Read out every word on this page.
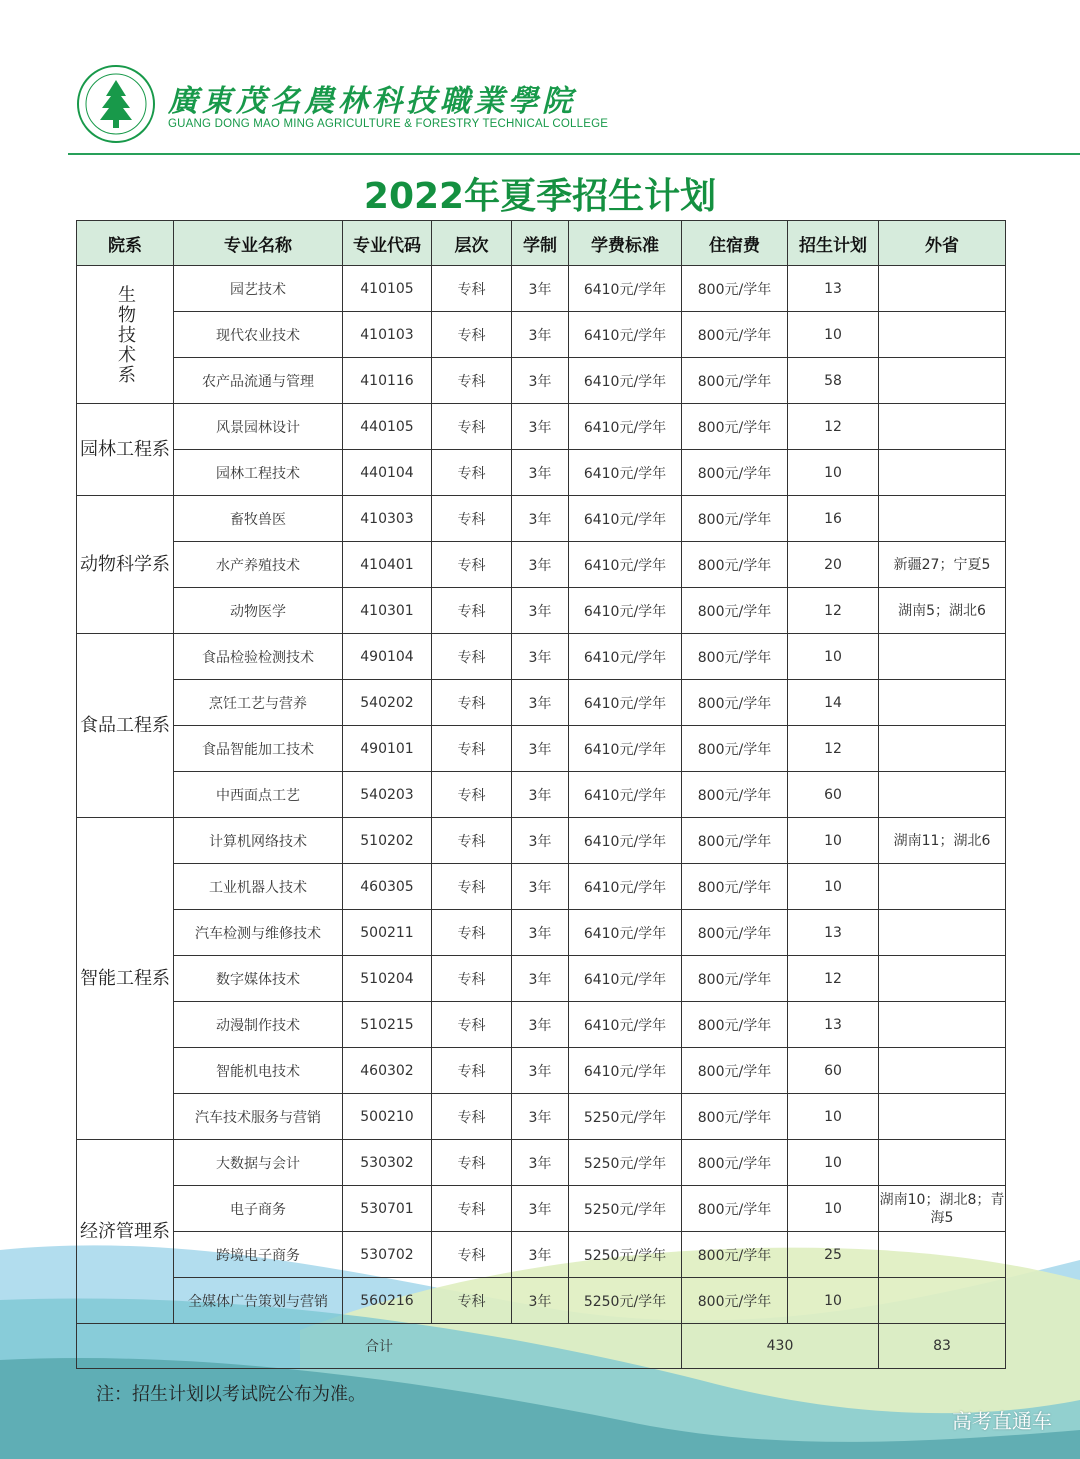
廣東茂名農林科技職業學院
GUANG DONG MAO MING AGRICULTURE & FORESTRY TECHNICAL COLLEGE
2022年夏季招生计划
院系	专业名称	专业代码	层次	学制	学费标准	住宿费	招生计划	外省
生物技术系	园艺技术	410105	专科	3年	6410元/学年	800元/学年	13	
	现代农业技术	410103	专科	3年	6410元/学年	800元/学年	10	
	农产品流通与管理	410116	专科	3年	6410元/学年	800元/学年	58	
园林工程系	风景园林设计	440105	专科	3年	6410元/学年	800元/学年	12	
	园林工程技术	440104	专科	3年	6410元/学年	800元/学年	10	
动物科学系	畜牧兽医	410303	专科	3年	6410元/学年	800元/学年	16	
	水产养殖技术	410401	专科	3年	6410元/学年	800元/学年	20	新疆27；宁夏5
	动物医学	410301	专科	3年	6410元/学年	800元/学年	12	湖南5；湖北6
食品工程系	食品检验检测技术	490104	专科	3年	6410元/学年	800元/学年	10	
	烹饪工艺与营养	540202	专科	3年	6410元/学年	800元/学年	14	
	食品智能加工技术	490101	专科	3年	6410元/学年	800元/学年	12	
	中西面点工艺	540203	专科	3年	6410元/学年	800元/学年	60	
智能工程系	计算机网络技术	510202	专科	3年	6410元/学年	800元/学年	10	湖南11；湖北6
	工业机器人技术	460305	专科	3年	6410元/学年	800元/学年	10	
	汽车检测与维修技术	500211	专科	3年	6410元/学年	800元/学年	13	
	数字媒体技术	510204	专科	3年	6410元/学年	800元/学年	12	
	动漫制作技术	510215	专科	3年	6410元/学年	800元/学年	13	
	智能机电技术	460302	专科	3年	6410元/学年	800元/学年	60	
	汽车技术服务与营销	500210	专科	3年	5250元/学年	800元/学年	10	
经济管理系	大数据与会计	530302	专科	3年	5250元/学年	800元/学年	10	
	电子商务	530701	专科	3年	5250元/学年	800元/学年	10	湖南10；湖北8；青海5
	跨境电子商务	530702	专科	3年	5250元/学年	800元/学年	25	
	全媒体广告策划与营销	560216	专科	3年	5250元/学年	800元/学年	10	
合计						430		83
注：招生计划以考试院公布为准。
高考直通车
